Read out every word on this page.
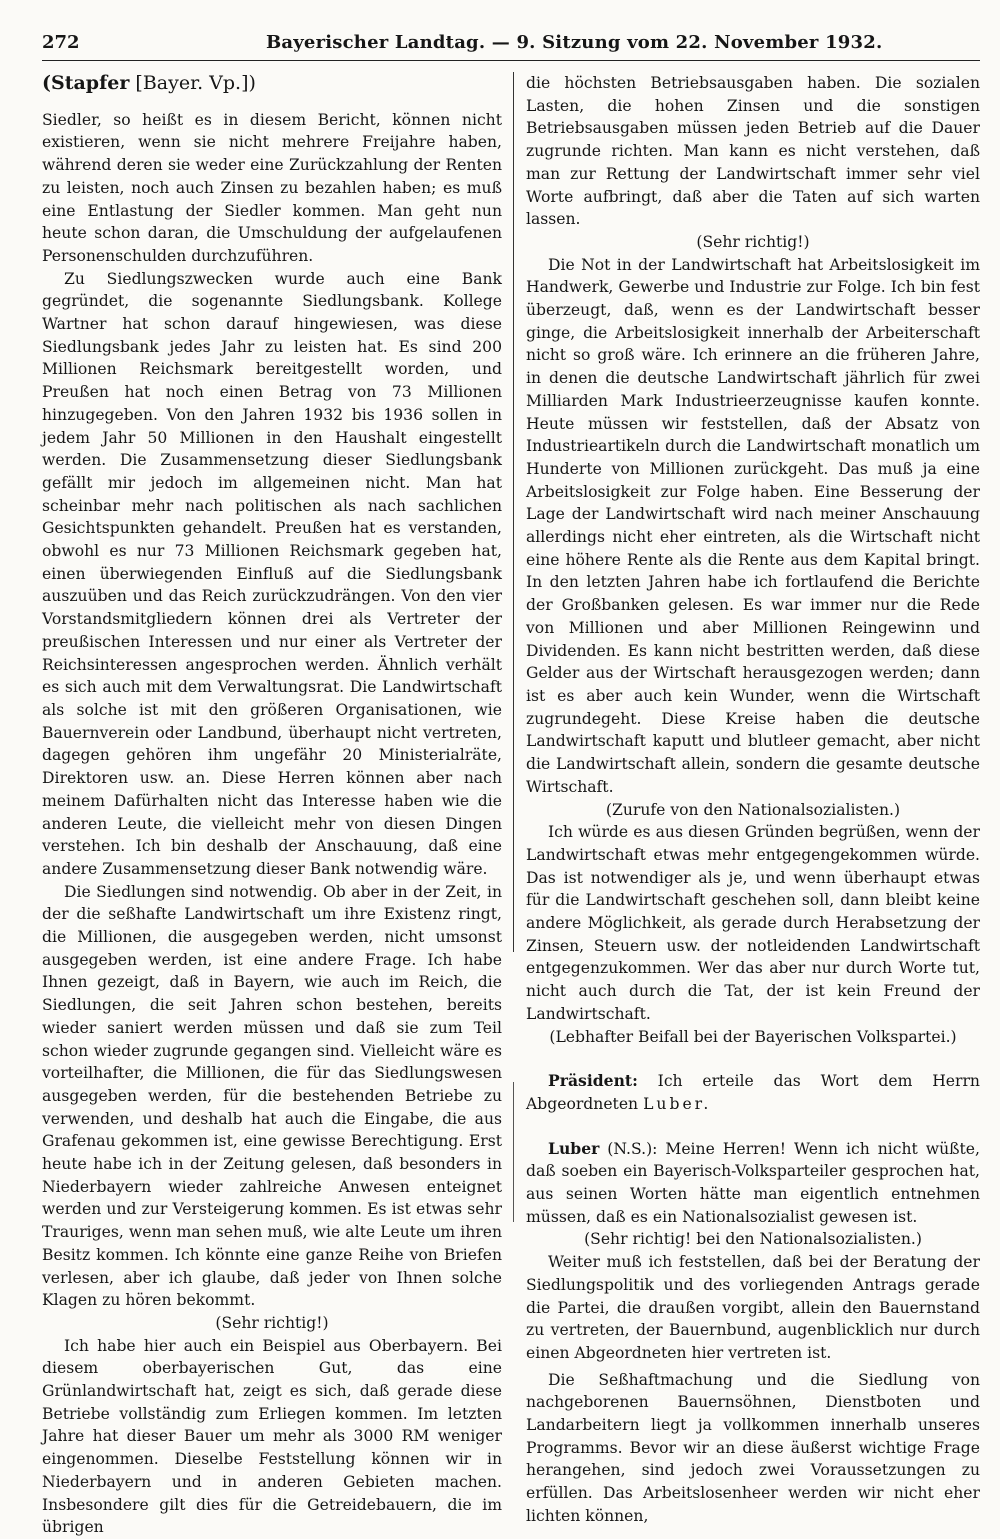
272	Bayerischer Landtag. — 9. Sitzung vom 22. November 1932.

(Stapfer [Bayer. Vp.])

Siedler, so heißt es in diesem Bericht, können nicht existieren, wenn sie nicht mehrere Freijahre haben, während deren sie weder eine Zurückzahlung der Renten zu leisten, noch auch Zinsen zu bezahlen haben; es muß eine Entlastung der Siedler kommen. Man geht nun heute schon daran, die Umschuldung der aufgelaufenen Personenschulden durchzuführen.

Zu Siedlungszwecken wurde auch eine Bank gegründet, die sogenannte Siedlungsbank. Kollege Wartner hat schon darauf hingewiesen, was diese Siedlungsbank jedes Jahr zu leisten hat. Es sind 200 Millionen Reichsmark bereitgestellt worden, und Preußen hat noch einen Betrag von 73 Millionen hinzugegeben. Von den Jahren 1932 bis 1936 sollen in jedem Jahr 50 Millionen in den Haushalt eingestellt werden. Die Zusammensetzung dieser Siedlungsbank gefällt mir jedoch im allgemeinen nicht. Man hat scheinbar mehr nach politischen als nach sachlichen Gesichtspunkten gehandelt. Preußen hat es verstanden, obwohl es nur 73 Millionen Reichsmark gegeben hat, einen überwiegenden Einfluß auf die Siedlungsbank auszuüben und das Reich zurückzudrängen. Von den vier Vorstandsmitgliedern können drei als Vertreter der preußischen Interessen und nur einer als Vertreter der Reichsinteressen angesprochen werden. Ähnlich verhält es sich auch mit dem Verwaltungsrat. Die Landwirtschaft als solche ist mit den größeren Organisationen, wie Bauernverein oder Landbund, überhaupt nicht vertreten, dagegen gehören ihm ungefähr 20 Ministerialräte, Direktoren usw. an. Diese Herren können aber nach meinem Dafürhalten nicht das Interesse haben wie die anderen Leute, die vielleicht mehr von diesen Dingen verstehen. Ich bin deshalb der Anschauung, daß eine andere Zusammensetzung dieser Bank notwendig wäre.

Die Siedlungen sind notwendig. Ob aber in der Zeit, in der die seßhafte Landwirtschaft um ihre Existenz ringt, die Millionen, die ausgegeben werden, nicht umsonst ausgegeben werden, ist eine andere Frage. Ich habe Ihnen gezeigt, daß in Bayern, wie auch im Reich, die Siedlungen, die seit Jahren schon bestehen, bereits wieder saniert werden müssen und daß sie zum Teil schon wieder zugrunde gegangen sind. Vielleicht wäre es vorteilhafter, die Millionen, die für das Siedlungswesen ausgegeben werden, für die bestehenden Betriebe zu verwenden, und deshalb hat auch die Eingabe, die aus Grafenau gekommen ist, eine gewisse Berechtigung. Erst heute habe ich in der Zeitung gelesen, daß besonders in Niederbayern wieder zahlreiche Anwesen enteignet werden und zur Versteigerung kommen. Es ist etwas sehr Trauriges, wenn man sehen muß, wie alte Leute um ihren Besitz kommen. Ich könnte eine ganze Reihe von Briefen verlesen, aber ich glaube, daß jeder von Ihnen solche Klagen zu hören bekommt.

(Sehr richtig!)

Ich habe hier auch ein Beispiel aus Oberbayern. Bei diesem oberbayerischen Gut, das eine Grünlandwirtschaft hat, zeigt es sich, daß gerade diese Betriebe vollständig zum Erliegen kommen. Im letzten Jahre hat dieser Bauer um mehr als 3000 RM weniger eingenommen. Dieselbe Feststellung können wir in Niederbayern und in anderen Gebieten machen. Insbesondere gilt dies für die Getreidebauern, die im übrigen

die höchsten Betriebsausgaben haben. Die sozialen Lasten, die hohen Zinsen und die sonstigen Betriebsausgaben müssen jeden Betrieb auf die Dauer zugrunde richten. Man kann es nicht verstehen, daß man zur Rettung der Landwirtschaft immer sehr viel Worte aufbringt, daß aber die Taten auf sich warten lassen.

(Sehr richtig!)

Die Not in der Landwirtschaft hat Arbeitslosigkeit im Handwerk, Gewerbe und Industrie zur Folge. Ich bin fest überzeugt, daß, wenn es der Landwirtschaft besser ginge, die Arbeitslosigkeit innerhalb der Arbeiterschaft nicht so groß wäre. Ich erinnere an die früheren Jahre, in denen die deutsche Landwirtschaft jährlich für zwei Milliarden Mark Industrieerzeugnisse kaufen konnte. Heute müssen wir feststellen, daß der Absatz von Industrieartikeln durch die Landwirtschaft monatlich um Hunderte von Millionen zurückgeht. Das muß ja eine Arbeitslosigkeit zur Folge haben. Eine Besserung der Lage der Landwirtschaft wird nach meiner Anschauung allerdings nicht eher eintreten, als die Wirtschaft nicht eine höhere Rente als die Rente aus dem Kapital bringt. In den letzten Jahren habe ich fortlaufend die Berichte der Großbanken gelesen. Es war immer nur die Rede von Millionen und aber Millionen Reingewinn und Dividenden. Es kann nicht bestritten werden, daß diese Gelder aus der Wirtschaft herausgezogen werden; dann ist es aber auch kein Wunder, wenn die Wirtschaft zugrundegeht. Diese Kreise haben die deutsche Landwirtschaft kaputt und blutleer gemacht, aber nicht die Landwirtschaft allein, sondern die gesamte deutsche Wirtschaft.

(Zurufe von den Nationalsozialisten.)

Ich würde es aus diesen Gründen begrüßen, wenn der Landwirtschaft etwas mehr entgegengekommen würde. Das ist notwendiger als je, und wenn überhaupt etwas für die Landwirtschaft geschehen soll, dann bleibt keine andere Möglichkeit, als gerade durch Herabsetzung der Zinsen, Steuern usw. der notleidenden Landwirtschaft entgegenzukommen. Wer das aber nur durch Worte tut, nicht auch durch die Tat, der ist kein Freund der Landwirtschaft.

(Lebhafter Beifall bei der Bayerischen Volkspartei.)

Präsident: Ich erteile das Wort dem Herrn Abgeordneten Luber.

Luber (N.S.): Meine Herren! Wenn ich nicht wüßte, daß soeben ein Bayerisch-Volksparteiler gesprochen hat, aus seinen Worten hätte man eigentlich entnehmen müssen, daß es ein Nationalsozialist gewesen ist.

(Sehr richtig! bei den Nationalsozialisten.)

Weiter muß ich feststellen, daß bei der Beratung der Siedlungspolitik und des vorliegenden Antrags gerade die Partei, die draußen vorgibt, allein den Bauernstand zu vertreten, der Bauernbund, augenblicklich nur durch einen Abgeordneten hier vertreten ist.

Die Seßhaftmachung und die Siedlung von nachgeborenen Bauernsöhnen, Dienstboten und Landarbeitern liegt ja vollkommen innerhalb unseres Programms. Bevor wir an diese äußerst wichtige Frage herangehen, sind jedoch zwei Voraussetzungen zu erfüllen. Das Arbeitslosenheer werden wir nicht eher lichten können,
